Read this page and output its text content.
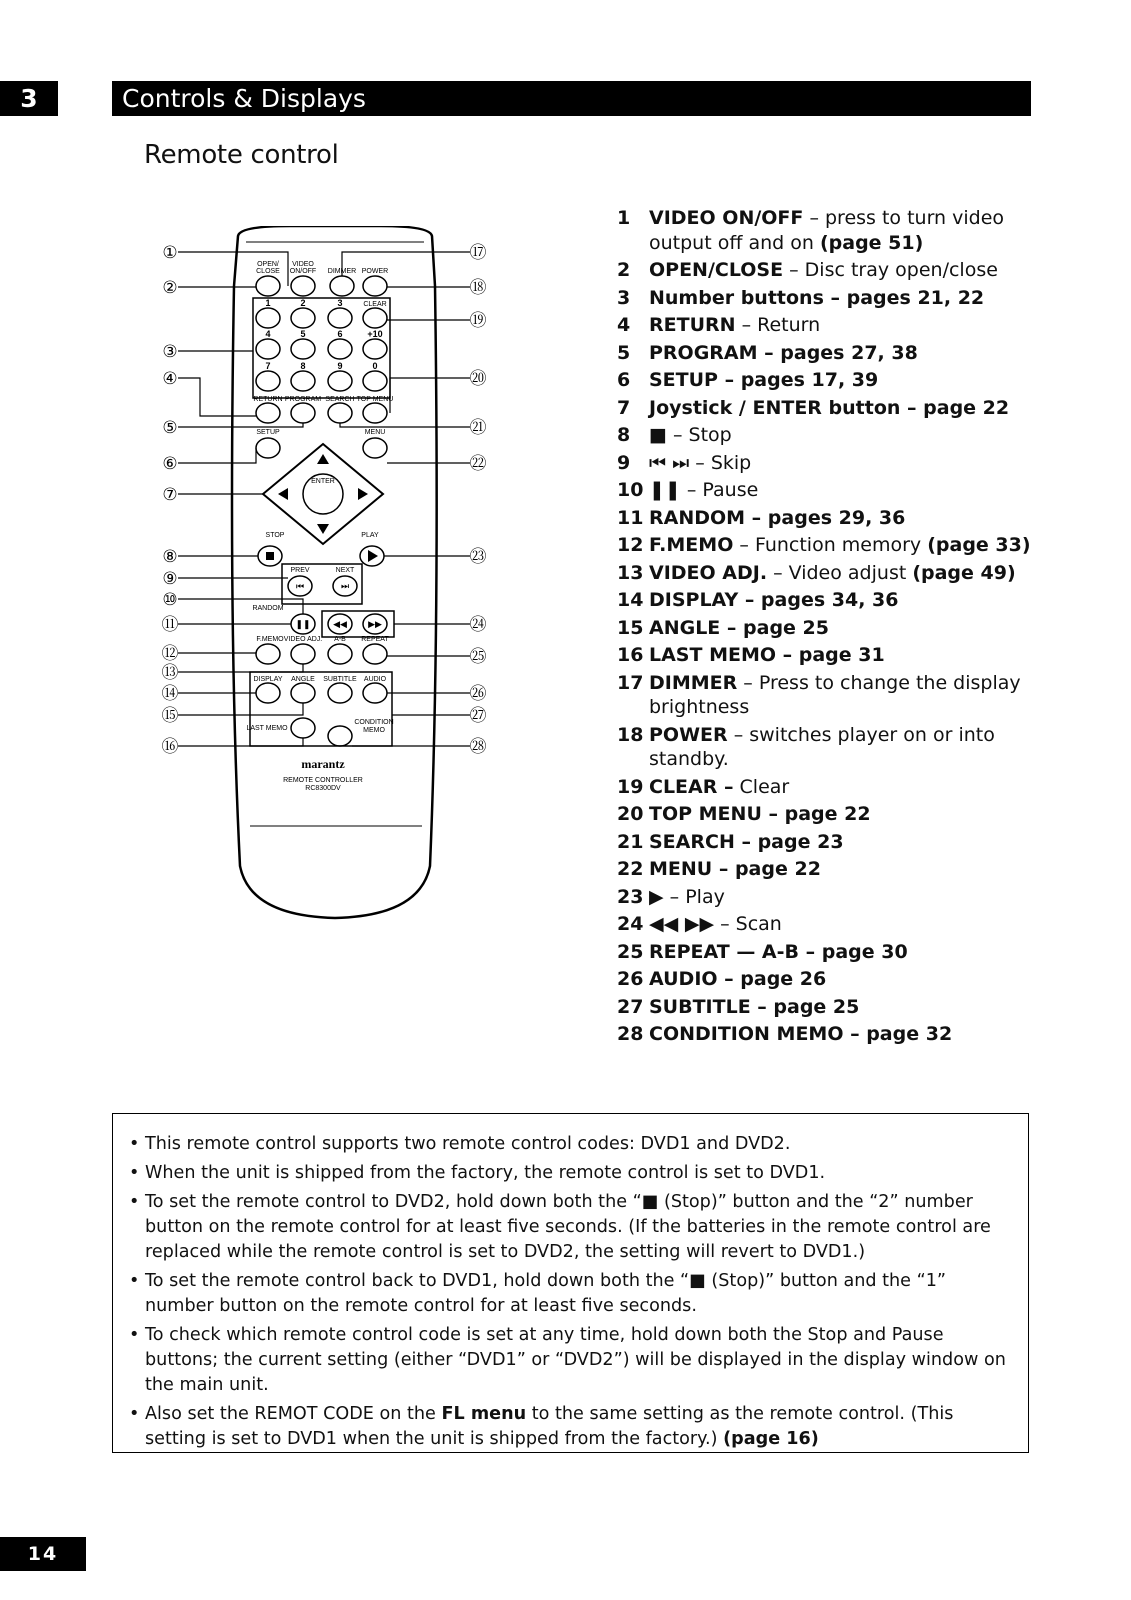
3	Controls & Displays
Remote control
OPEN/
CLOSE
VIDEO
ON/OFF DIMMER POWER
CLEAR
1	2	3
4	5	6	+10
7	8	9	0
RETURN PROGRAM SEARCH TOP MENU
SETUP	MENU
ENTER
STOP	PLAY
PREV	NEXT
RANDOM
F.MEMO VIDEO ADJ. A-B REPEAT
DISPLAY ANGLE SUBTITLE AUDIO
LAST MEMO
CONDITION
MEMO
marantz
REMOTE CONTROLLER
RC8300DV
⏮	⏭
❚❚	◀◀ ▶▶
①
②
③
④
⑤
⑥
⑦
⑧
⑨
⑩
⑪
⑫
⑬
⑭
⑮
⑯
⑰
⑱
⑲
⑳
㉑
㉒
㉓
㉔
㉕
㉖
㉗
㉘
1 VIDEO ON/OFF – press to turn video output off and on (page 51)
2 OPEN/CLOSE – Disc tray open/close
3 Number buttons – pages 21, 22
4 RETURN – Return
5 PROGRAM – pages 27, 38
6 SETUP – pages 17, 39
7 Joystick / ENTER button – page 22
8 ■ – Stop
9 ⏮ ⏭ – Skip
10 ❚❚ – Pause
11 RANDOM – pages 29, 36
12 F.MEMO – Function memory (page 33)
13 VIDEO ADJ. – Video adjust (page 49)
14 DISPLAY – pages 34, 36
15 ANGLE – page 25
16 LAST MEMO – page 31
17 DIMMER – Press to change the display brightness
18 POWER – switches player on or into standby.
19 CLEAR – Clear
20 TOP MENU – page 22
21 SEARCH – page 23
22 MENU – page 22
23 ▶ – Play
24 ◀◀ ▶▶ – Scan
25 REPEAT — A-B – page 30
26 AUDIO – page 26
27 SUBTITLE – page 25
28 CONDITION MEMO – page 32
• This remote control supports two remote control codes: DVD1 and DVD2.
• When the unit is shipped from the factory, the remote control is set to DVD1.
• To set the remote control to DVD2, hold down both the “■ (Stop)” button and the “2” number button on the remote control for at least five seconds. (If the batteries in the remote control are replaced while the remote control is set to DVD2, the setting will revert to DVD1.)
• To set the remote control back to DVD1, hold down both the “■ (Stop)” button and the “1” number button on the remote control for at least five seconds.
• To check which remote control code is set at any time, hold down both the Stop and Pause buttons; the current setting (either “DVD1” or “DVD2”) will be displayed in the display window on the main unit.
• Also set the REMOT CODE on the FL menu to the same setting as the remote control. (This setting is set to DVD1 when the unit is shipped from the factory.) (page 16)
14
